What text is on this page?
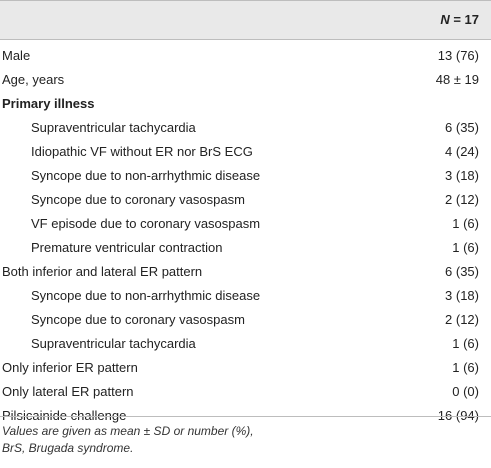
N = 17
Male	13 (76)
Age, years	48 ± 19
Primary illness
Supraventricular tachycardia	6 (35)
Idiopathic VF without ER nor BrS ECG	4 (24)
Syncope due to non-arrhythmic disease	3 (18)
Syncope due to coronary vasospasm	2 (12)
VF episode due to coronary vasospasm	1 (6)
Premature ventricular contraction	1 (6)
Both inferior and lateral ER pattern	6 (35)
Syncope due to non-arrhythmic disease	3 (18)
Syncope due to coronary vasospasm	2 (12)
Supraventricular tachycardia	1 (6)
Only inferior ER pattern	1 (6)
Only lateral ER pattern	0 (0)
Pilsicainide challenge	16 (94)
Values are given as mean ± SD or number (%),
BrS, Brugada syndrome.
